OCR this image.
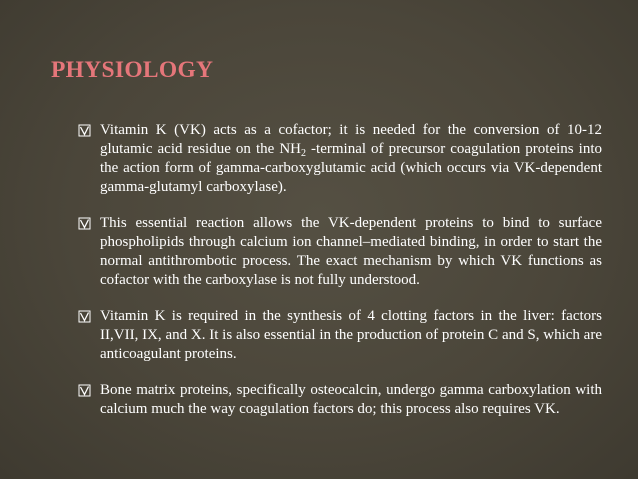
PHYSIOLOGY
Vitamin K (VK) acts as a cofactor; it is needed for the conversion of 10-12 glutamic acid residue on the $NH_2$ -terminal of precursor coagulation proteins into the action form of gamma-carboxyglutamic acid (which occurs via VK-dependent gamma-glutamyl carboxylase).
This essential reaction allows the VK-dependent proteins to bind to surface phospholipids through calcium ion channel–mediated binding, in order to start the normal antithrombotic process. The exact mechanism by which VK functions as cofactor with the carboxylase is not fully understood.
Vitamin K is required in the synthesis of 4 clotting factors in the liver: factors II,VII, IX, and X. It is also essential in the production of protein C and S, which are anticoagulant proteins.
Bone matrix proteins, specifically osteocalcin, undergo gamma carboxylation with calcium much the way coagulation factors do; this process also requires VK.
